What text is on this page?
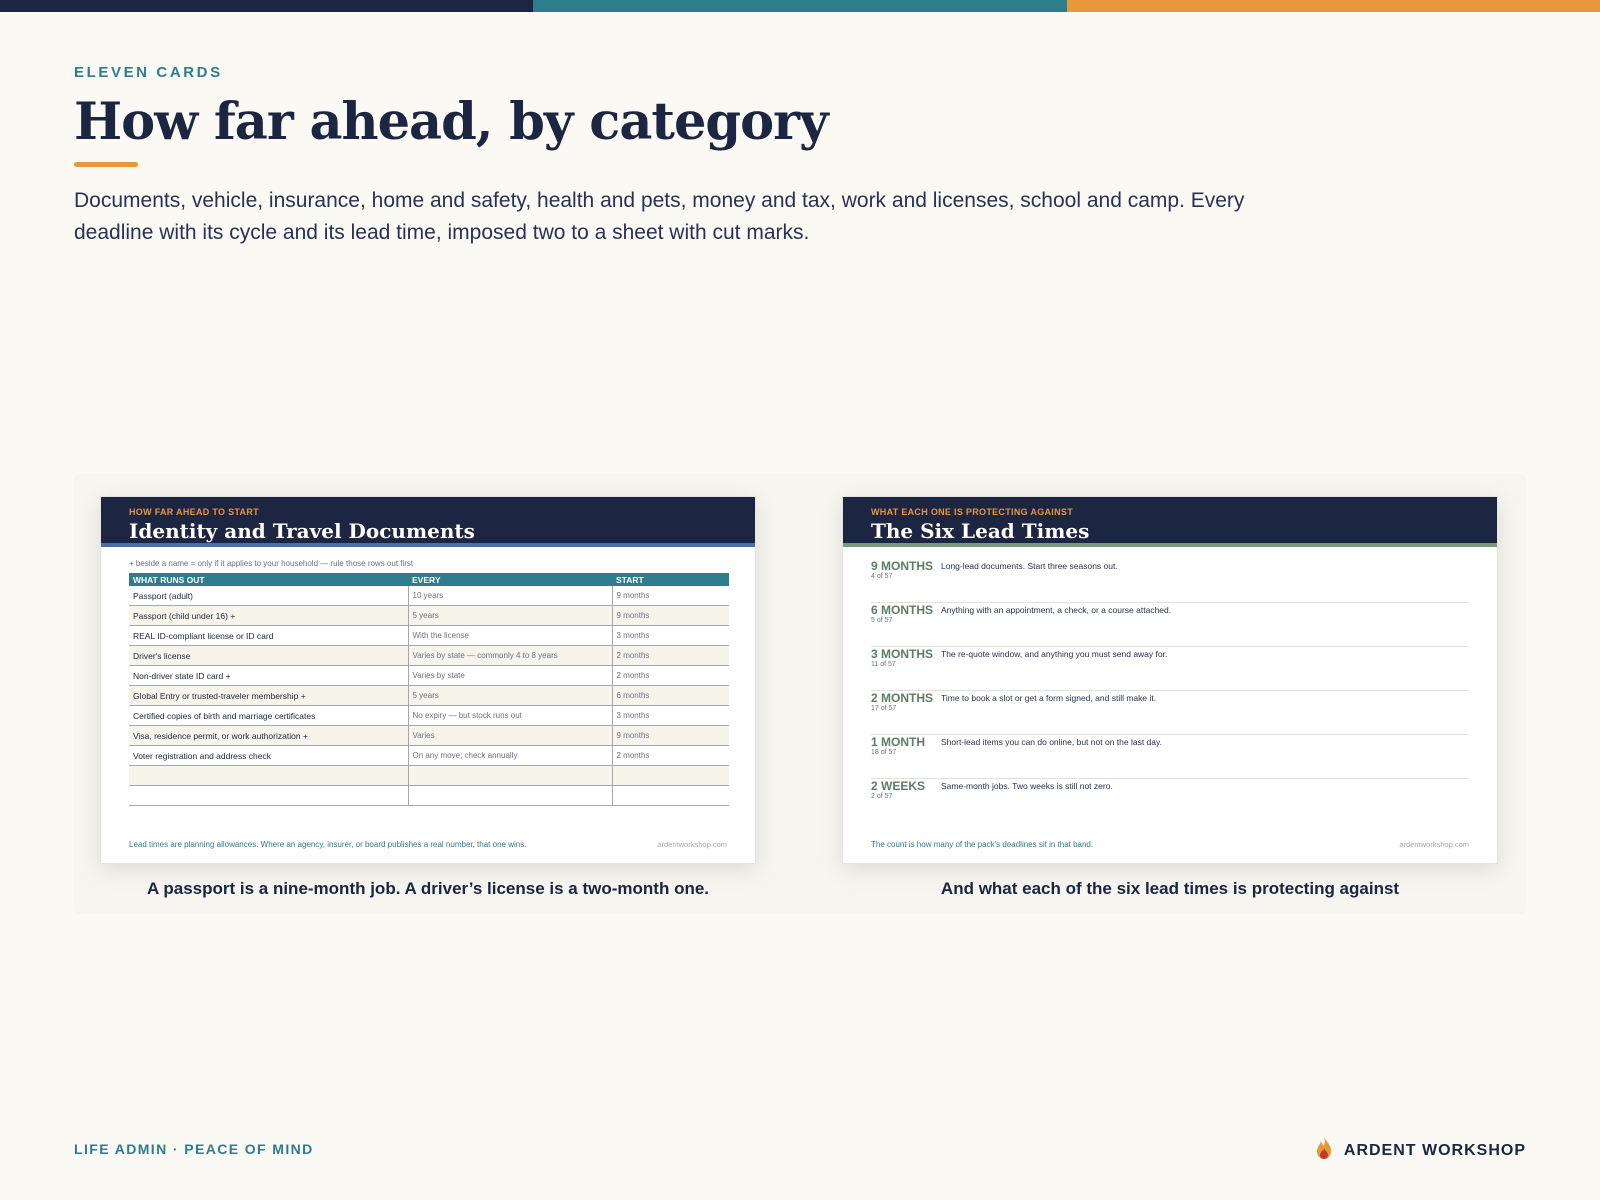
ELEVEN CARDS
How far ahead, by category

Documents, vehicle, insurance, home and safety, health and pets, money and tax, work and licenses, school and camp. Every deadline with its cycle and its lead time, imposed two to a sheet with cut marks.

HOW FAR AHEAD TO START
Identity and Travel Documents
+ beside a name = only if it applies to your household — rule those rows out first
WHAT RUNS OUT	EVERY	START
Passport (adult)	10 years	9 months
Passport (child under 16) +	5 years	9 months
REAL ID-compliant license or ID card	With the license	3 months
Driver's license	Varies by state — commonly 4 to 8 years	2 months
Non-driver state ID card +	Varies by state	2 months
Global Entry or trusted-traveler membership +	5 years	6 months
Certified copies of birth and marriage certificates	No expiry — but stock runs out	3 months
Visa, residence permit, or work authorization +	Varies	9 months
Voter registration and address check	On any move; check annually	2 months

Lead times are planning allowances. Where an agency, insurer, or board publishes a real number, that one wins.	ardentworkshop.com
A passport is a nine-month job. A driver’s license is a two-month one.
WHAT EACH ONE IS PROTECTING AGAINST
The Six Lead Times
9 MONTHS
4 of 57
Long-lead documents. Start three seasons out.
6 MONTHS
5 of 57
Anything with an appointment, a check, or a course attached.
3 MONTHS
11 of 57
The re-quote window, and anything you must send away for.
2 MONTHS
17 of 57
Time to book a slot or get a form signed, and still make it.
1 MONTH
18 of 57
Short-lead items you can do online, but not on the last day.
2 WEEKS
2 of 57
Same-month jobs. Two weeks is still not zero.
The count is how many of the pack's deadlines sit in that band.	ardentworkshop.com
And what each of the six lead times is protecting against
LIFE ADMIN · PEACE OF MIND	ARDENT WORKSHOP
